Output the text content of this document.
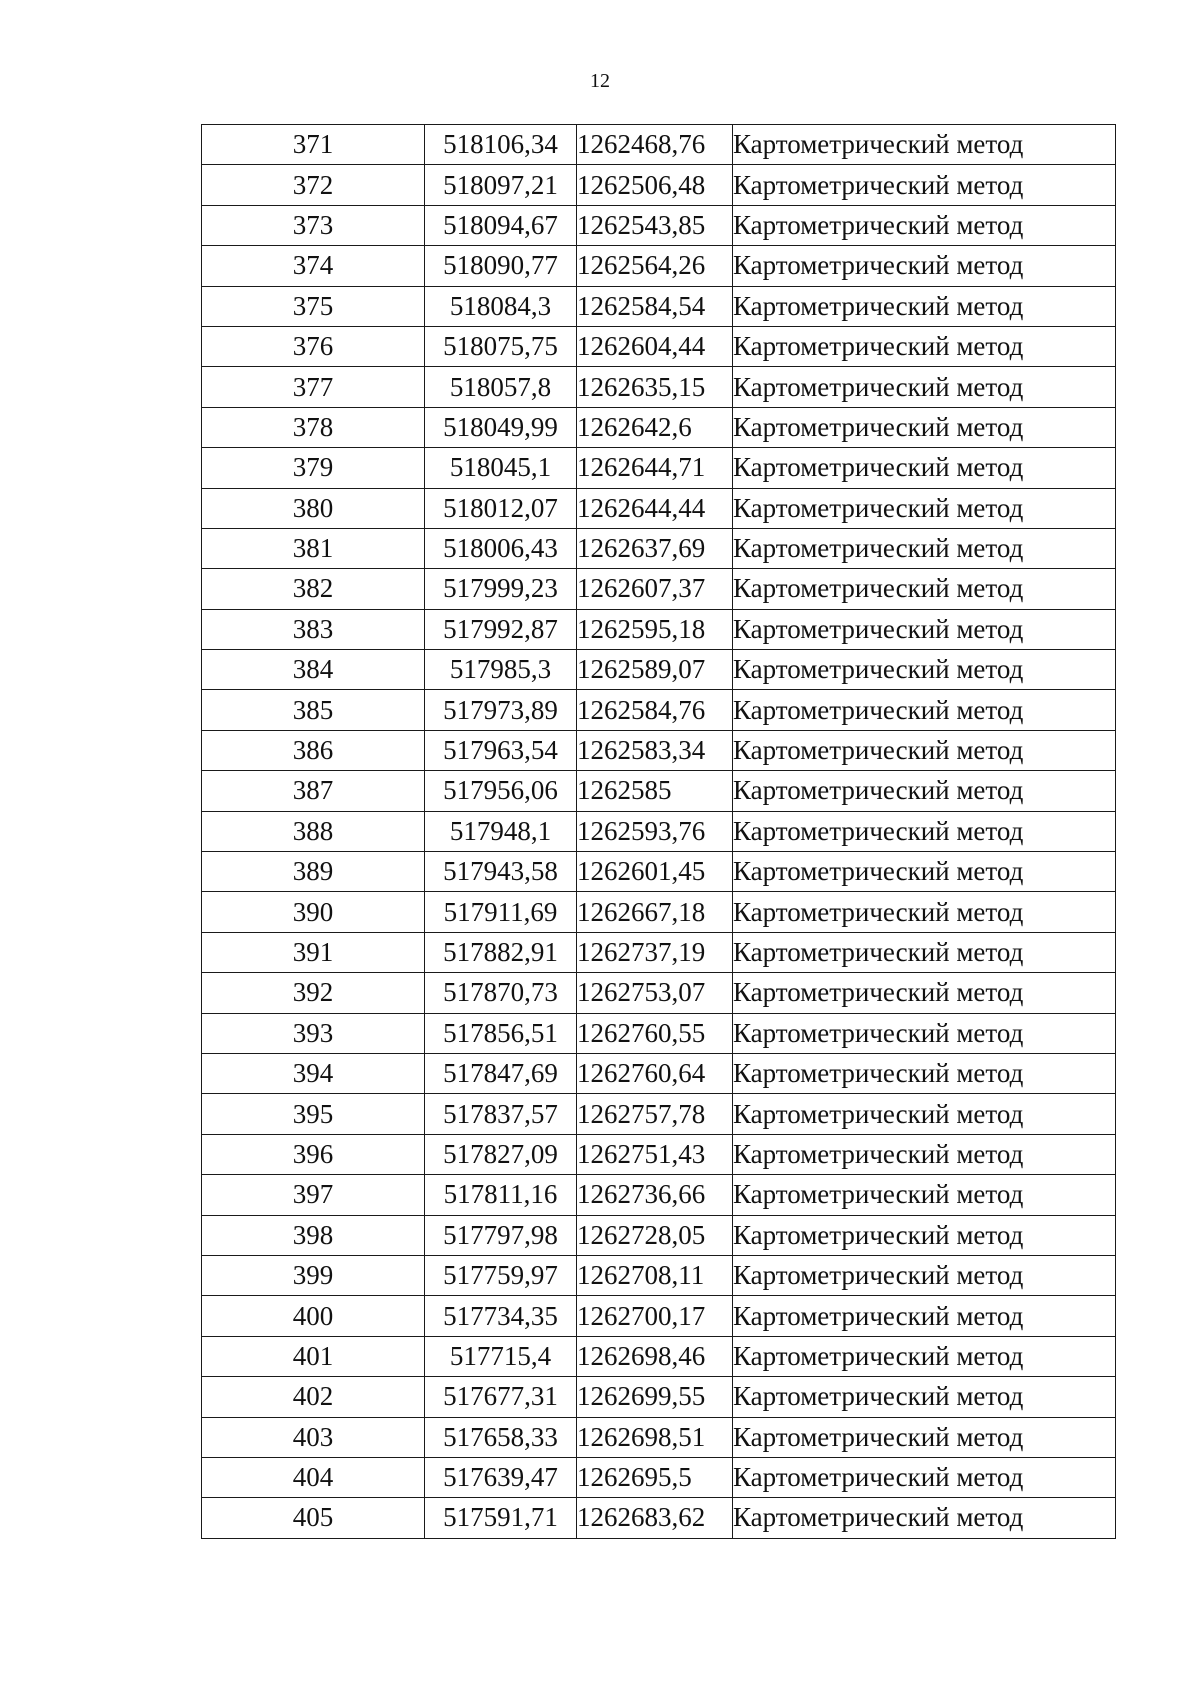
12
371	518106,34	1262468,76	Картометрический метод
372	518097,21	1262506,48	Картометрический метод
373	518094,67	1262543,85	Картометрический метод
374	518090,77	1262564,26	Картометрический метод
375	518084,3	1262584,54	Картометрический метод
376	518075,75	1262604,44	Картометрический метод
377	518057,8	1262635,15	Картометрический метод
378	518049,99	1262642,6	Картометрический метод
379	518045,1	1262644,71	Картометрический метод
380	518012,07	1262644,44	Картометрический метод
381	518006,43	1262637,69	Картометрический метод
382	517999,23	1262607,37	Картометрический метод
383	517992,87	1262595,18	Картометрический метод
384	517985,3	1262589,07	Картометрический метод
385	517973,89	1262584,76	Картометрический метод
386	517963,54	1262583,34	Картометрический метод
387	517956,06	1262585	Картометрический метод
388	517948,1	1262593,76	Картометрический метод
389	517943,58	1262601,45	Картометрический метод
390	517911,69	1262667,18	Картометрический метод
391	517882,91	1262737,19	Картометрический метод
392	517870,73	1262753,07	Картометрический метод
393	517856,51	1262760,55	Картометрический метод
394	517847,69	1262760,64	Картометрический метод
395	517837,57	1262757,78	Картометрический метод
396	517827,09	1262751,43	Картометрический метод
397	517811,16	1262736,66	Картометрический метод
398	517797,98	1262728,05	Картометрический метод
399	517759,97	1262708,11	Картометрический метод
400	517734,35	1262700,17	Картометрический метод
401	517715,4	1262698,46	Картометрический метод
402	517677,31	1262699,55	Картометрический метод
403	517658,33	1262698,51	Картометрический метод
404	517639,47	1262695,5	Картометрический метод
405	517591,71	1262683,62	Картометрический метод
